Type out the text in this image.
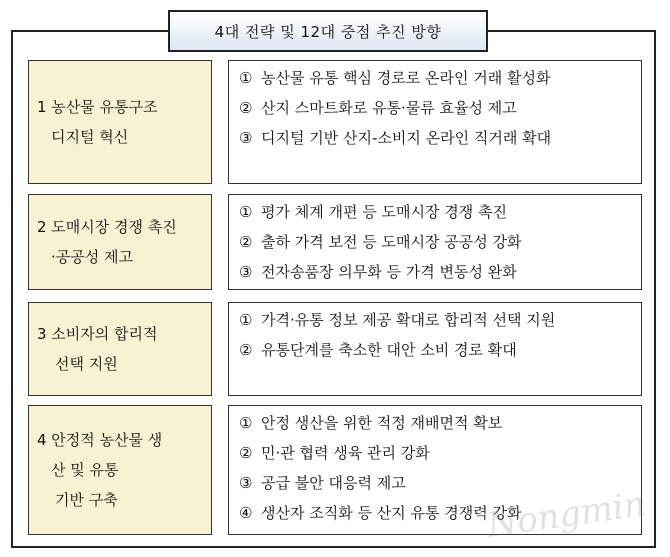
4대 전략 및 12대 중점 추진 방향
1 농산물 유통구조
디지털 혁신
① 농산물 유통 핵심 경로로 온라인 거래 활성화
② 산지 스마트화로 유통·물류 효율성 제고
③ 디지털 기반 산지-소비지 온라인 직거래 확대
2 도매시장 경쟁 촉진
·공공성 제고
① 평가 체계 개편 등 도매시장 경쟁 촉진
② 출하 가격 보전 등 도매시장 공공성 강화
③ 전자송품장 의무화 등 가격 변동성 완화
3 소비자의 합리적
선택 지원
① 가격·유통 정보 제공 확대로 합리적 선택 지원
② 유통단계를 축소한 대안 소비 경로 확대
4 안정적 농산물 생
산 및 유통
기반 구축
① 안정 생산을 위한 적정 재배면적 확보
② 민·관 협력 생육 관리 강화
③ 공급 불안 대응력 제고
④ 생산자 조직화 등 산지 유통 경쟁력 강화
Nongmin
